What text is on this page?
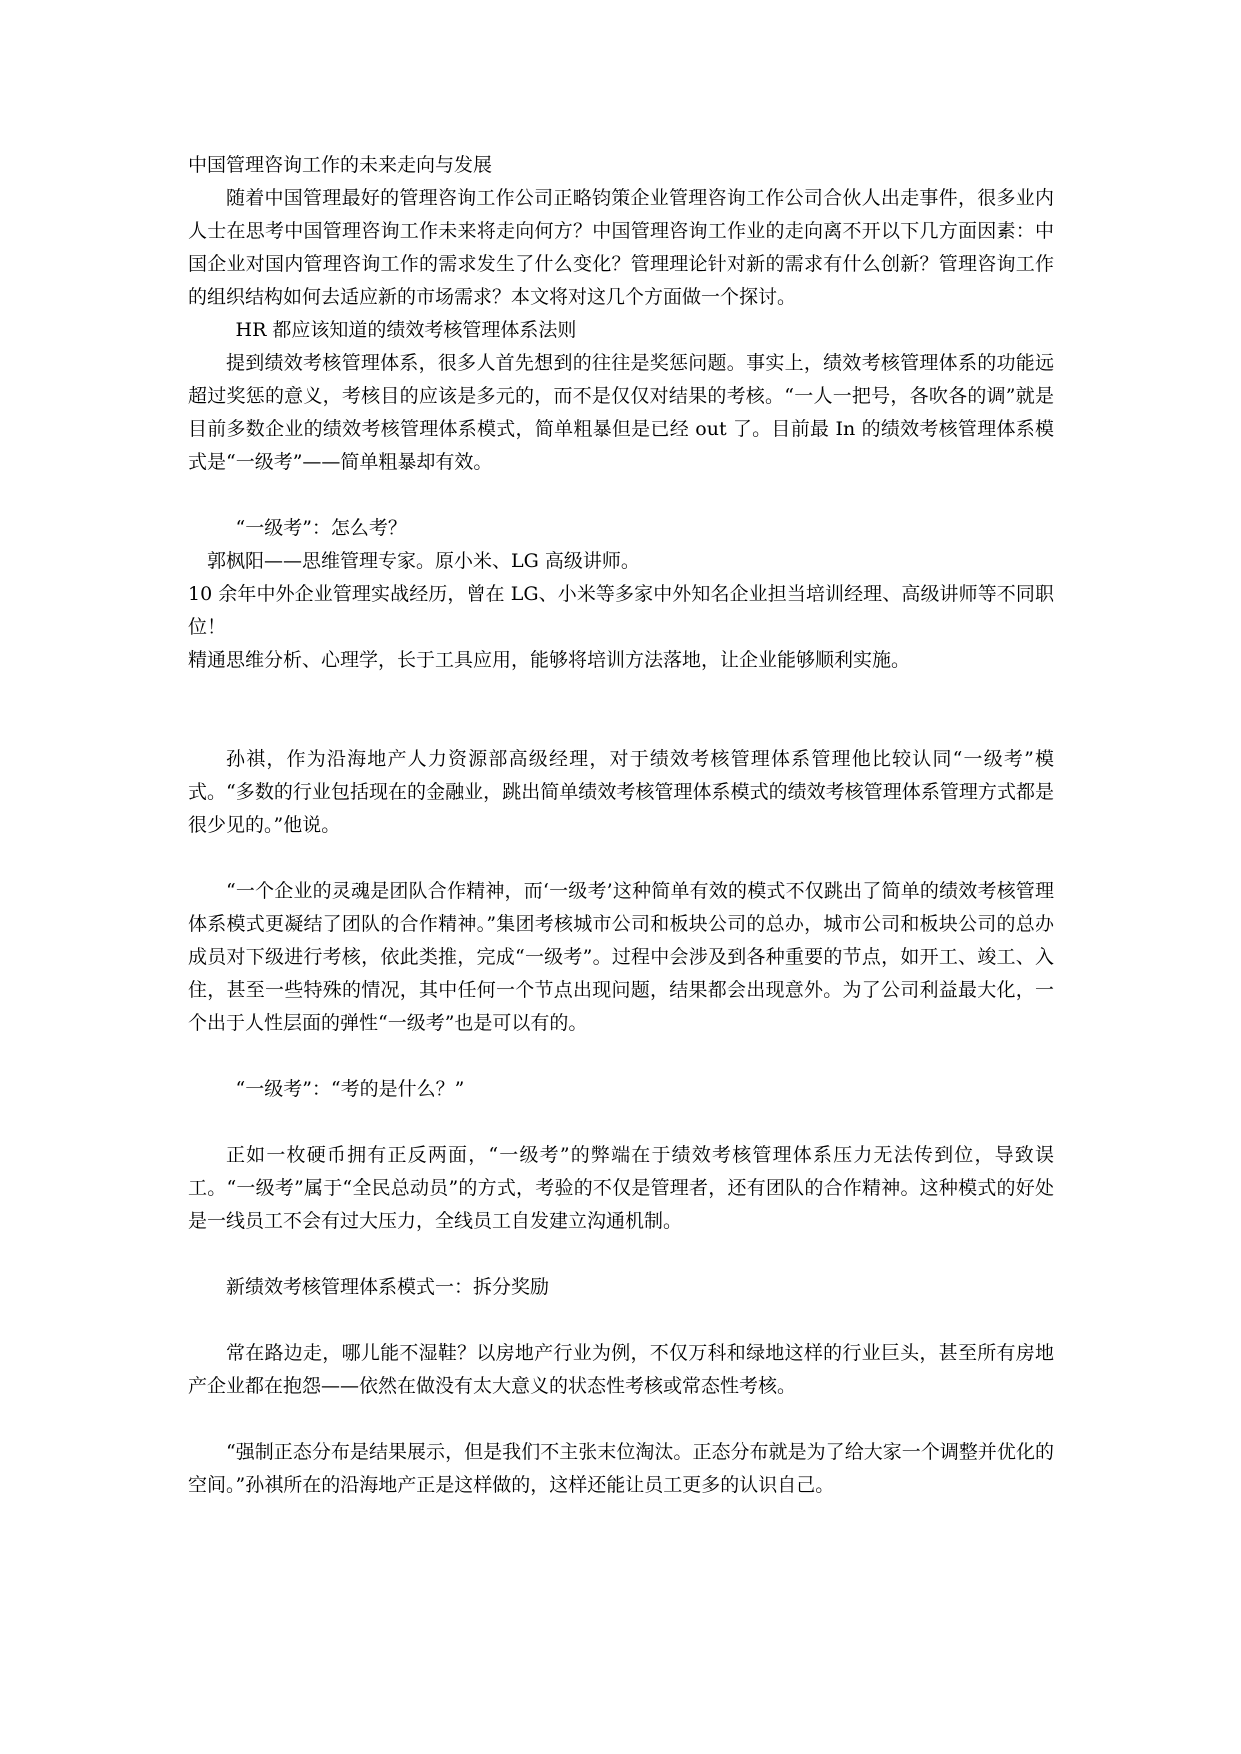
中国管理咨询工作的未来走向与发展

随着中国管理最好的管理咨询工作公司正略钧策企业管理咨询工作公司合伙人出走事件，很多业内人士在思考中国管理咨询工作未来将走向何方？中国管理咨询工作业的走向离不开以下几方面因素：中国企业对国内管理咨询工作的需求发生了什么变化？管理理论针对新的需求有什么创新？管理咨询工作的组织结构如何去适应新的市场需求？本文将对这几个方面做一个探讨。

HR 都应该知道的绩效考核管理体系法则

提到绩效考核管理体系，很多人首先想到的往往是奖惩问题。事实上，绩效考核管理体系的功能远超过奖惩的意义，考核目的应该是多元的，而不是仅仅对结果的考核。“一人一把号，各吹各的调”就是目前多数企业的绩效考核管理体系模式，简单粗暴但是已经 out 了。目前最 In 的绩效考核管理体系模式是“一级考”——简单粗暴却有效。

“一级考”：怎么考？

郭枫阳——思维管理专家。原小米、LG 高级讲师。

10 余年中外企业管理实战经历，曾在 LG、小米等多家中外知名企业担当培训经理、高级讲师等不同职位！

精通思维分析、心理学，长于工具应用，能够将培训方法落地，让企业能够顺利实施。

孙祺，作为沿海地产人力资源部高级经理，对于绩效考核管理体系管理他比较认同“一级考”模式。“多数的行业包括现在的金融业，跳出简单绩效考核管理体系模式的绩效考核管理体系管理方式都是很少见的。”他说。

“一个企业的灵魂是团队合作精神，而‘一级考’这种简单有效的模式不仅跳出了简单的绩效考核管理体系模式更凝结了团队的合作精神。”集团考核城市公司和板块公司的总办，城市公司和板块公司的总办成员对下级进行考核，依此类推，完成“一级考”。过程中会涉及到各种重要的节点，如开工、竣工、入住，甚至一些特殊的情况，其中任何一个节点出现问题，结果都会出现意外。为了公司利益最大化，一个出于人性层面的弹性“一级考”也是可以有的。

“一级考”：“考的是什么？”

正如一枚硬币拥有正反两面，“一级考”的弊端在于绩效考核管理体系压力无法传到位，导致误工。“一级考”属于“全民总动员”的方式，考验的不仅是管理者，还有团队的合作精神。这种模式的好处是一线员工不会有过大压力，全线员工自发建立沟通机制。

新绩效考核管理体系模式一：拆分奖励

常在路边走，哪儿能不湿鞋？以房地产行业为例，不仅万科和绿地这样的行业巨头，甚至所有房地产企业都在抱怨——依然在做没有太大意义的状态性考核或常态性考核。

“强制正态分布是结果展示，但是我们不主张末位淘汰。正态分布就是为了给大家一个调整并优化的空间。”孙祺所在的沿海地产正是这样做的，这样还能让员工更多的认识自己。
